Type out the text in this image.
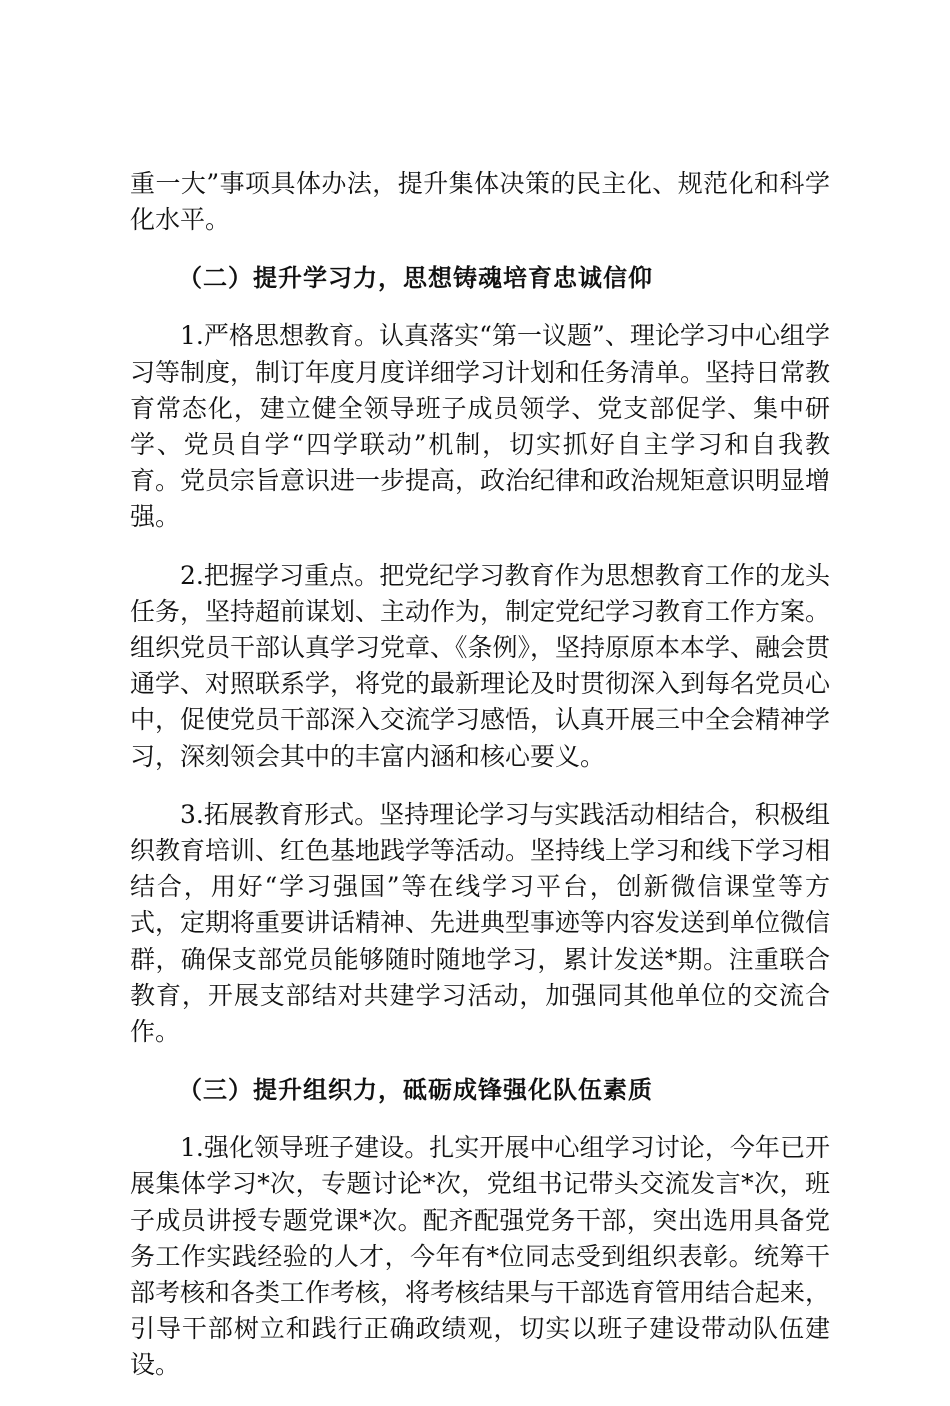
重一大”事项具体办法，提升集体决策的民主化、规范化和科学化水平。

（二）提升学习力，思想铸魂培育忠诚信仰

1.严格思想教育。认真落实“第一议题”、理论学习中心组学习等制度，制订年度月度详细学习计划和任务清单。坚持日常教育常态化，建立健全领导班子成员领学、党支部促学、集中研学、党员自学“四学联动”机制，切实抓好自主学习和自我教育。党员宗旨意识进一步提高，政治纪律和政治规矩意识明显增强。

2.把握学习重点。把党纪学习教育作为思想教育工作的龙头任务，坚持超前谋划、主动作为，制定党纪学习教育工作方案。组织党员干部认真学习党章、《条例》，坚持原原本本学、融会贯通学、对照联系学，将党的最新理论及时贯彻深入到每名党员心中，促使党员干部深入交流学习感悟，认真开展三中全会精神学习，深刻领会其中的丰富内涵和核心要义。

3.拓展教育形式。坚持理论学习与实践活动相结合，积极组织教育培训、红色基地践学等活动。坚持线上学习和线下学习相结合，用好“学习强国”等在线学习平台，创新微信课堂等方式，定期将重要讲话精神、先进典型事迹等内容发送到单位微信群，确保支部党员能够随时随地学习，累计发送*期。注重联合教育，开展支部结对共建学习活动，加强同其他单位的交流合作。

（三）提升组织力，砥砺成锋强化队伍素质

1.强化领导班子建设。扎实开展中心组学习讨论，今年已开展集体学习*次，专题讨论*次，党组书记带头交流发言*次，班子成员讲授专题党课*次。配齐配强党务干部，突出选用具备党务工作实践经验的人才，今年有*位同志受到组织表彰。统筹干部考核和各类工作考核，将考核结果与干部选育管用结合起来，引导干部树立和践行正确政绩观，切实以班子建设带动队伍建设。
